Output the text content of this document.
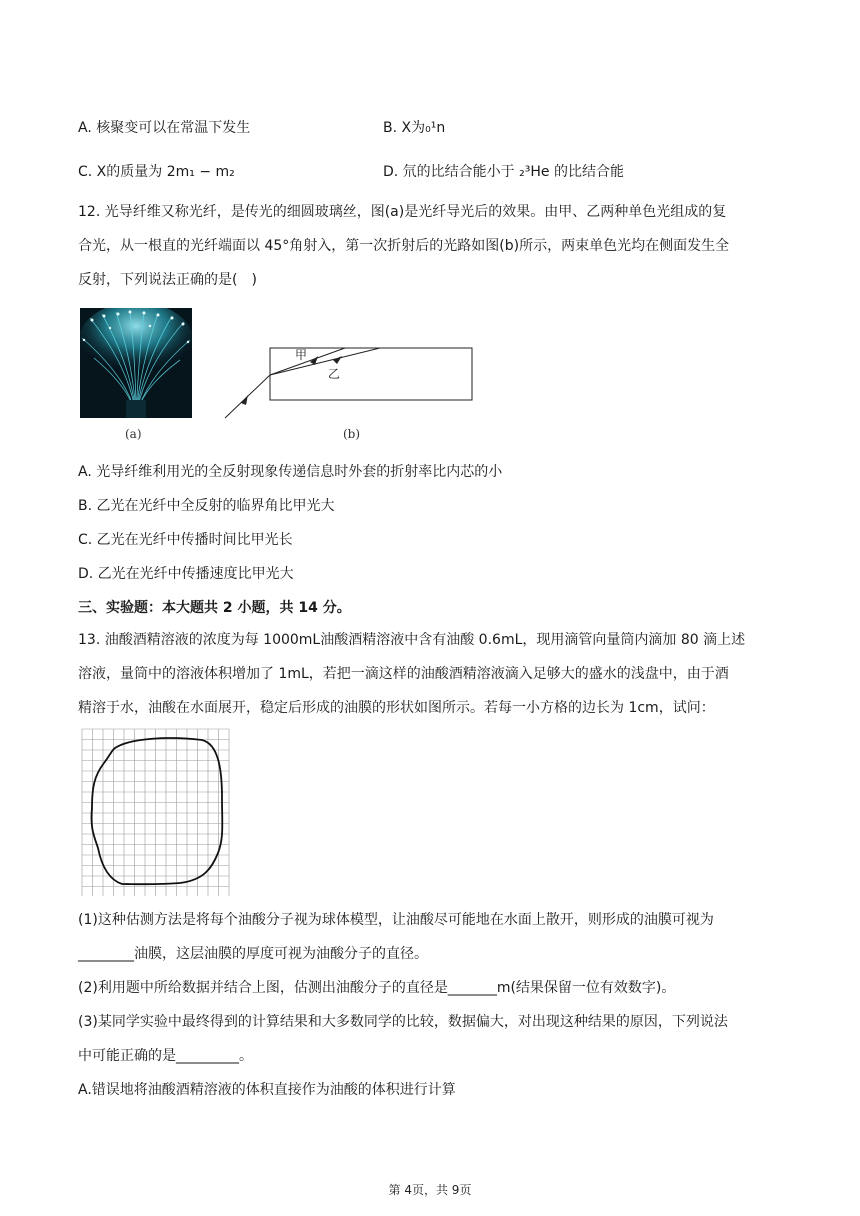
A. 核聚变可以在常温下发生	B. X为₀¹n
C. X的质量为 2m₁ − m₂	D. 氘的比结合能小于 ₂³He 的比结合能
12. 光导纤维又称光纤，是传光的细圆玻璃丝，图(a)是光纤导光后的效果。由甲、乙两种单色光组成的复
合光，从一根直的光纤端面以 45°角射入，第一次折射后的光路如图(b)所示，两束单色光均在侧面发生全
反射，下列说法正确的是(　)
(a)
甲
乙
(b)
A. 光导纤维利用光的全反射现象传递信息时外套的折射率比内芯的小
B. 乙光在光纤中全反射的临界角比甲光大
C. 乙光在光纤中传播时间比甲光长
D. 乙光在光纤中传播速度比甲光大
三、实验题：本大题共 2 小题，共 14 分。
13. 油酸酒精溶液的浓度为每 1000mL油酸酒精溶液中含有油酸 0.6mL，现用滴管向量筒内滴加 80 滴上述
溶液，量筒中的溶液体积增加了 1mL，若把一滴这样的油酸酒精溶液滴入足够大的盛水的浅盘中，由于酒
精溶于水，油酸在水面展开，稳定后形成的油膜的形状如图所示。若每一小方格的边长为 1cm，试问：
(1)这种估测方法是将每个油酸分子视为球体模型，让油酸尽可能地在水面上散开，则形成的油膜可视为
________油膜，这层油膜的厚度可视为油酸分子的直径。
(2)利用题中所给数据并结合上图，估测出油酸分子的直径是_______m(结果保留一位有效数字)。
(3)某同学实验中最终得到的计算结果和大多数同学的比较，数据偏大，对出现这种结果的原因，下列说法
中可能正确的是_________。
A.错误地将油酸酒精溶液的体积直接作为油酸的体积进行计算
第 4页，共 9页
